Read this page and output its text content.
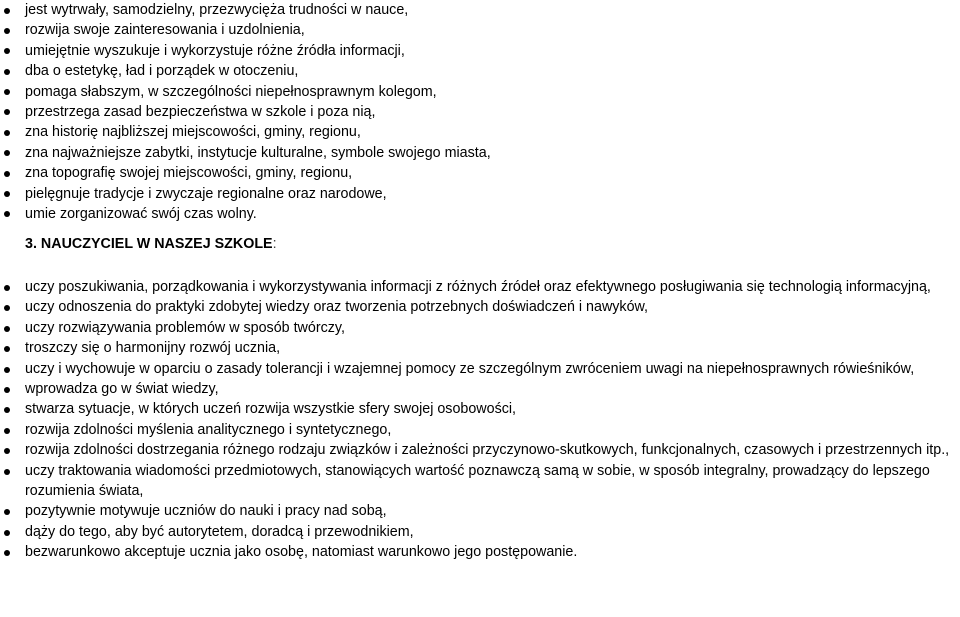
jest wytrwały, samodzielny, przezwycięża trudności w nauce,
rozwija swoje zainteresowania i uzdolnienia,
umiejętnie wyszukuje i wykorzystuje różne źródła informacji,
dba o estetykę, ład i porządek w otoczeniu,
pomaga słabszym, w szczególności niepełnosprawnym kolegom,
przestrzega zasad bezpieczeństwa w szkole i poza nią,
zna historię najbliższej miejscowości, gminy, regionu,
zna najważniejsze zabytki, instytucje kulturalne, symbole swojego miasta,
zna topografię swojej miejscowości, gminy, regionu,
pielęgnuje tradycje i zwyczaje regionalne oraz narodowe,
umie zorganizować swój czas wolny.
3. NAUCZYCIEL W NASZEJ SZKOLE:
uczy poszukiwania, porządkowania i wykorzystywania informacji z różnych źródeł oraz efektywnego posługiwania się technologią informacyjną,
uczy odnoszenia do praktyki zdobytej wiedzy oraz tworzenia potrzebnych doświadczeń i nawyków,
uczy rozwiązywania problemów w sposób twórczy,
troszczy się o harmonijny rozwój ucznia,
uczy i wychowuje w oparciu o zasady tolerancji i wzajemnej pomocy ze szczególnym zwróceniem uwagi na niepełnosprawnych rówieśników,
wprowadza go w świat wiedzy,
stwarza sytuacje, w których uczeń rozwija wszystkie sfery swojej osobowości,
rozwija zdolności myślenia analitycznego i syntetycznego,
rozwija zdolności dostrzegania różnego rodzaju związków i zależności przyczynowo-skutkowych, funkcjonalnych, czasowych i przestrzennych itp.,
uczy traktowania wiadomości przedmiotowych, stanowiących wartość poznawczą samą w sobie, w sposób integralny, prowadzący do lepszego rozumienia świata,
pozytywnie motywuje uczniów do nauki i pracy nad sobą,
dąży do tego, aby być autorytetem, doradcą i przewodnikiem,
bezwarunkowo akceptuje ucznia jako osobę, natomiast warunkowo jego postępowanie.
